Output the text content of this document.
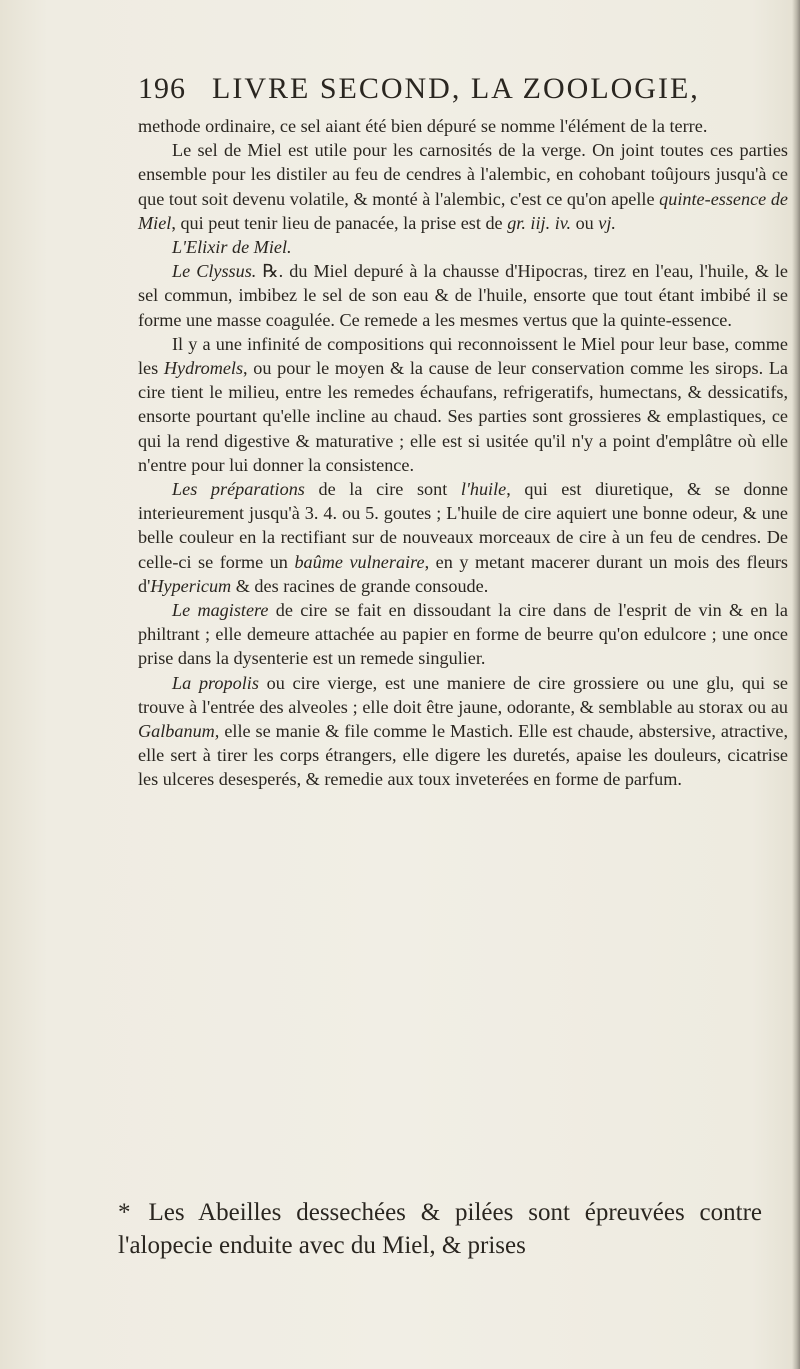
196 LIVRE SECOND, LA ZOOLOGIE,

methode ordinaire, ce sel aiant été bien dépuré se nomme l'élément de la terre.

Le sel de Miel est utile pour les carnosités de la verge. On joint toutes ces parties ensemble pour les distiler au feu de cendres à l'alembic, en cohobant toûjours jusqu'à ce que tout soit devenu volatile, & monté à l'alembic, c'est ce qu'on apelle quinte-essence de Miel, qui peut tenir lieu de panacée, la prise est de gr. iij. iv. ou vj.

L'Elixir de Miel.

Le Clyssus. ℞. du Miel depuré à la chausse d'Hipocras, tirez en l'eau, l'huile, & le sel commun, imbibez le sel de son eau & de l'huile, ensorte que tout étant imbibé il se forme une masse coagulée. Ce remede a les mesmes vertus que la quinte-essence.

Il y a une infinité de compositions qui reconnoissent le Miel pour leur base, comme les Hydromels, ou pour le moyen & la cause de leur conservation comme les sirops. La cire tient le milieu, entre les remedes échaufans, refrigeratifs, humectans, & dessicatifs, ensorte pourtant qu'elle incline au chaud. Ses parties sont grossieres & emplastiques, ce qui la rend digestive & maturative ; elle est si usitée qu'il n'y a point d'emplâtre où elle n'entre pour lui donner la consistence.

Les préparations de la cire sont l'huile, qui est diuretique, & se donne interieurement jusqu'à 3. 4. ou 5. goutes ; L'huile de cire aquiert une bonne odeur, & une belle couleur en la rectifiant sur de nouveaux morceaux de cire à un feu de cendres. De celle-ci se forme un baûme vulneraire, en y metant macerer durant un mois des fleurs d'Hypericum & des racines de grande consoude.

Le magistere de cire se fait en dissoudant la cire dans de l'esprit de vin & en la philtrant ; elle demeure attachée au papier en forme de beurre qu'on edulcore ; une once prise dans la dysenterie est un remede singulier.

La propolis ou cire vierge, est une maniere de cire grossiere ou une glu, qui se trouve à l'entrée des alveoles ; elle doit être jaune, odorante, & semblable au storax ou au Galbanum, elle se manie & file comme le Mastich. Elle est chaude, abstersive, atractive, elle sert à tirer les corps étrangers, elle digere les duretés, apaise les douleurs, cicatrise les ulceres desesperés, & remedie aux toux inveterées en forme de parfum.

* Les Abeilles dessechées & pilées sont épreuvées contre l'alopecie enduite avec du Miel, & prises
